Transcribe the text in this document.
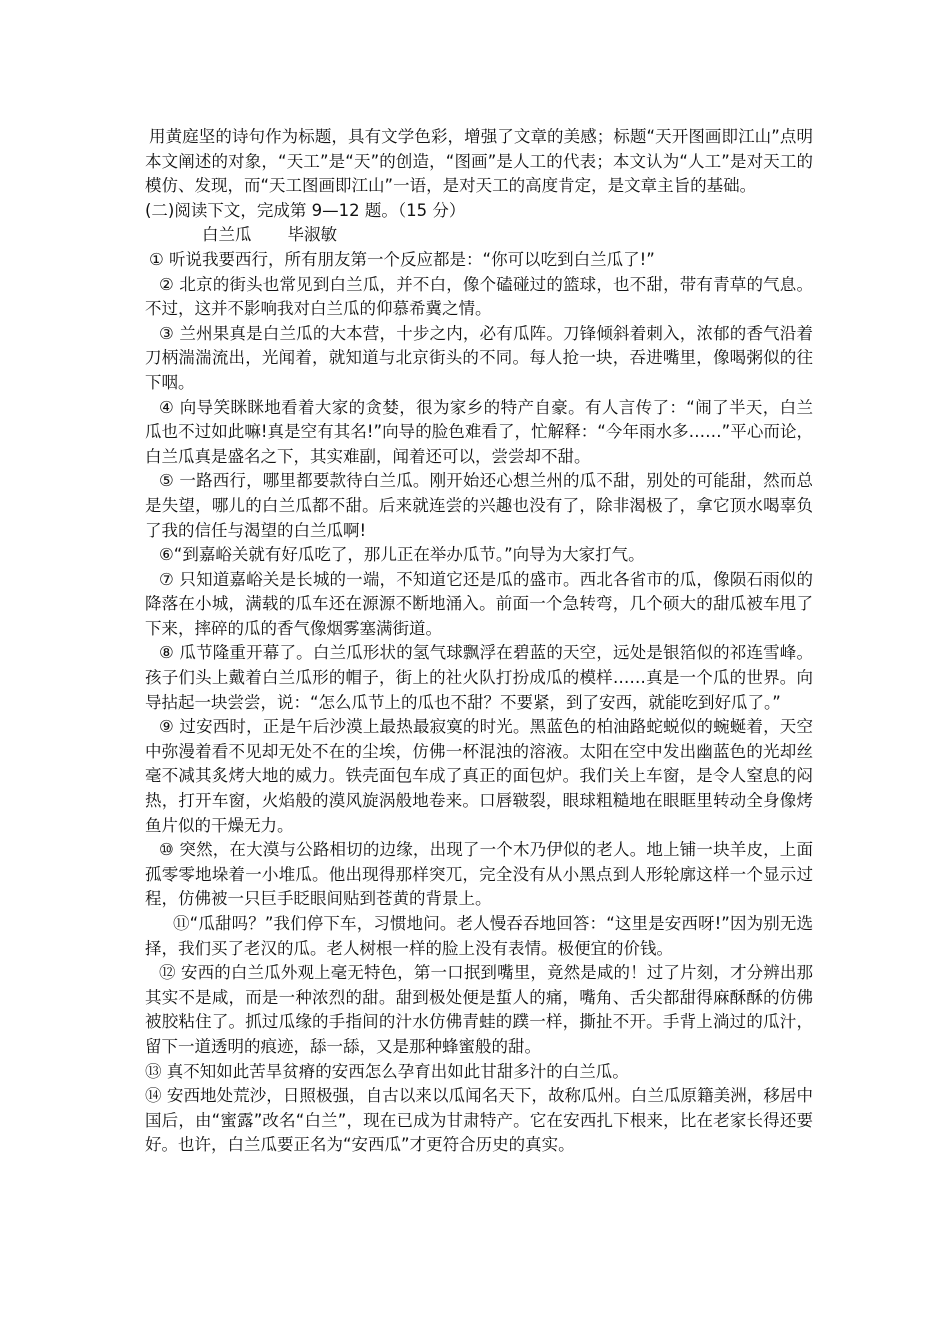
用黄庭坚的诗句作为标题，具有文学色彩，增强了文章的美感；标题“天开图画即江山”点明本文阐述的对象，“天工”是“天”的创造，“图画”是人工的代表；本文认为“人工”是对天工的模仿、发现，而“天工图画即江山”一语，是对天工的高度肯定，是文章主旨的基础。

(二)阅读下文，完成第 9—12 题。（15 分）

白兰瓜 毕淑敏

① 听说我要西行，所有朋友第一个反应都是：“你可以吃到白兰瓜了!”

② 北京的街头也常见到白兰瓜，并不白，像个磕碰过的篮球，也不甜，带有青草的气息。不过，这并不影响我对白兰瓜的仰慕希冀之情。

③ 兰州果真是白兰瓜的大本营，十步之内，必有瓜阵。刀锋倾斜着刺入，浓郁的香气沿着刀柄湍湍流出，光闻着，就知道与北京街头的不同。每人抢一块，吞进嘴里，像喝粥似的往下咽。

④ 向导笑眯眯地看着大家的贪婪，很为家乡的特产自豪。有人言传了：“闹了半天，白兰瓜也不过如此嘛!真是空有其名!”向导的脸色难看了，忙解释：“今年雨水多……”平心而论，白兰瓜真是盛名之下，其实难副，闻着还可以，尝尝却不甜。

⑤ 一路西行，哪里都要款待白兰瓜。刚开始还心想兰州的瓜不甜，别处的可能甜，然而总是失望，哪儿的白兰瓜都不甜。后来就连尝的兴趣也没有了，除非渴极了，拿它顶水喝辜负了我的信任与渴望的白兰瓜啊!

⑥“到嘉峪关就有好瓜吃了，那儿正在举办瓜节。”向导为大家打气。

⑦ 只知道嘉峪关是长城的一端，不知道它还是瓜的盛市。西北各省市的瓜，像陨石雨似的降落在小城，满载的瓜车还在源源不断地涌入。前面一个急转弯，几个硕大的甜瓜被车甩了下来，摔碎的瓜的香气像烟雾塞满街道。

⑧ 瓜节隆重开幕了。白兰瓜形状的氢气球飘浮在碧蓝的天空，远处是银箔似的祁连雪峰。孩子们头上戴着白兰瓜形的帽子，街上的社火队打扮成瓜的模样……真是一个瓜的世界。向导拈起一块尝尝，说：“怎么瓜节上的瓜也不甜？不要紧，到了安西，就能吃到好瓜了。”

⑨ 过安西时，正是午后沙漠上最热最寂寞的时光。黑蓝色的柏油路蛇蜕似的蜿蜒着，天空中弥漫着看不见却无处不在的尘埃，仿佛一杯混浊的溶液。太阳在空中发出幽蓝色的光却丝毫不减其炙烤大地的威力。铁壳面包车成了真正的面包炉。我们关上车窗，是令人窒息的闷热，打开车窗，火焰般的漠风旋涡般地卷来。口唇皲裂，眼球粗糙地在眼眶里转动全身像烤鱼片似的干燥无力。

⑩ 突然，在大漠与公路相切的边缘，出现了一个木乃伊似的老人。地上铺一块羊皮，上面孤零零地垛着一小堆瓜。他出现得那样突兀，完全没有从小黑点到人形轮廓这样一个显示过程，仿佛被一只巨手眨眼间贴到苍黄的背景上。

⑪“瓜甜吗？”我们停下车，习惯地问。老人慢吞吞地回答：“这里是安西呀!”因为别无选择，我们买了老汉的瓜。老人树根一样的脸上没有表情。极便宜的价钱。

⑫ 安西的白兰瓜外观上毫无特色，第一口抿到嘴里，竟然是咸的！过了片刻，才分辨出那其实不是咸，而是一种浓烈的甜。甜到极处便是蜇人的痛，嘴角、舌尖都甜得麻酥酥的仿佛被胶粘住了。抓过瓜缘的手指间的汁水仿佛青蛙的蹼一样，撕扯不开。手背上淌过的瓜汁，留下一道透明的痕迹，舔一舔，又是那种蜂蜜般的甜。

⑬ 真不知如此苦旱贫瘠的安西怎么孕育出如此甘甜多汁的白兰瓜。

⑭ 安西地处荒沙，日照极强，自古以来以瓜闻名天下，故称瓜州。白兰瓜原籍美洲，移居中国后，由“蜜露”改名“白兰”，现在已成为甘肃特产。它在安西扎下根来，比在老家长得还要好。也许，白兰瓜要正名为“安西瓜”才更符合历史的真实。
